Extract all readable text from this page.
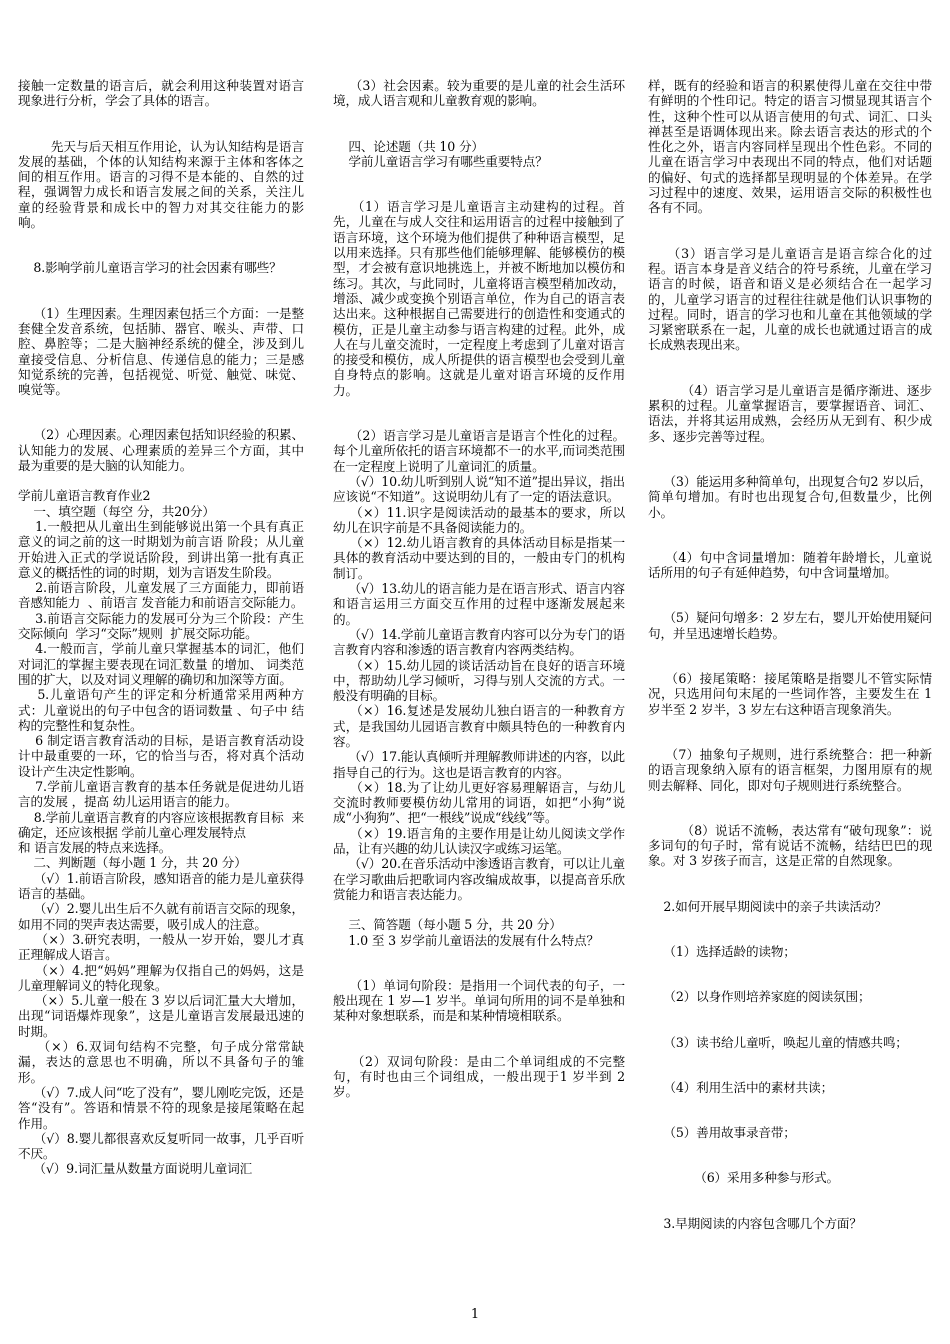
接触一定数量的语言后，就会利用这种装置对语言现象进行分析，学会了具体的语言。

先天与后天相互作用论，认为认知结构是语言发展的基础，个体的认知结构来源于主体和客体之间的相互作用。语言的习得不是本能的、自然的过程，强调智力成长和语言发展之间的关系，关注儿童的经验背景和成长中的智力对其交往能力的影响。

8.影响学前儿童语言学习的社会因素有哪些？

（1）生理因素。生理因素包括三个方面：一是整套健全发音系统，包括肺、器官、喉头、声带、口腔、鼻腔等；二是大脑神经系统的健全，涉及到儿童接受信息、分析信息、传递信息的能力；三是感知觉系统的完善，包括视觉、听觉、触觉、味觉、嗅觉等。

（2）心理因素。心理因素包括知识经验的积累、认知能力的发展、心理素质的差异三个方面，其中最为重要的是大脑的认知能力。

学前儿童语言教育作业2

一、填空题（每空 分，共20分）

1.一般把从儿童出生到能够说出第一个具有真正意义的词之前的这一时期划为前言语 阶段；从儿童开始进入正式的学说话阶段，到讲出第一批有真正意义的概括性的词的时期，划为言语发生阶段。

2.前语言阶段，儿童发展了三方面能力，即前语音感知能力  、前语言 发音能力和前语言交际能力。

3.前语言交际能力的发展可分为三个阶段：产生交际倾向  学习“交际”规则  扩展交际功能。

4.一般而言，学前儿童只掌握基本的词汇，他们对词汇的掌握主要表现在词汇数量 的增加、 词类范围的扩大，以及对词义理解的确切和加深等方面。

5.儿童语句产生的评定和分析通常采用两种方式：儿童说出的句子中包含的语词数量 、句子中 结构的完整性和复杂性。

6 制定语言教育活动的目标，是语言教育活动设计中最重要的一环，它的恰当与否，将对真个活动设计产生决定性影响。

7.学前儿童语言教育的基本任务就是促进幼儿语言的发展 ，提高 幼儿运用语言的能力。

8.学前儿童语言教育的内容应该根据教育目标  来确定，还应该根据 学前儿童心理发展特点

和 语言发展的特点来选择。

二、判断题（每小题 1 分，共 20 分）

（√）1.前语言阶段，感知语音的能力是儿童获得语言的基础。

（√）2.婴儿出生后不久就有前语言交际的现象，如用不同的哭声表达需要，吸引成人的注意。

（×）3.研究表明，一般从一岁开始，婴儿才真正理解成人语言。

（×）4.把“妈妈”理解为仅指自己的妈妈，这是儿童理解词义的特化现象。

（×）5.儿童一般在 3 岁以后词汇量大大增加，出现“词语爆炸现象”，这是儿童语言发展最迅速的时期。

（×）6.双词句结构不完整，句子成分常常缺漏，表达的意思也不明确，所以不具备句子的雏形。

（√）7.成人问“吃了没有”，婴儿刚吃完饭，还是答“没有”。答语和情景不符的现象是接尾策略在起作用。

（√）8.婴儿都很喜欢反复听同一故事，几乎百听不厌。

（√）9.词汇量从数量方面说明儿童词汇

（3）社会因素。较为重要的是儿童的社会生活环境，成人语言观和儿童教育观的影响。

四、论述题（共 10 分）

学前儿童语言学习有哪些重要特点？

（1）语言学习是儿童语言主动建构的过程。首先，儿童在与成人交往和运用语言的过程中接触到了语言环境，这个环境为他们提供了种种语言模型，足以用来选择。只有那些他们能够理解、能够模仿的模型，才会被有意识地挑选上，并被不断地加以模仿和练习。其次，与此同时，儿童将语言模型稍加改动，增添、减少或变换个别语言单位，作为自己的语言表达出来。这种根据自己需要进行的创造性和变通式的模仿，正是儿童主动参与语言构建的过程。此外，成人在与儿童交流时，一定程度上考虑到了儿童对语言的接受和模仿，成人所提供的语言模型也会受到儿童自身特点的影响。这就是儿童对语言环境的反作用力。

（2）语言学习是儿童语言是语言个性化的过程。每个儿童所依托的语言环境都不一的水平,而词类范围在一定程度上说明了儿童词汇的质量。

（√）10.幼儿听到别人说“知不道”提出异议，指出应该说“不知道”。这说明幼儿有了一定的语法意识。

（×）11.识字是阅读活动的最基本的要求，所以幼儿在识字前是不具备阅读能力的。

（×）12.幼儿语言教育的具体活动目标是指某一具体的教育活动中要达到的目的，一般由专门的机构制订。

（√）13.幼儿的语言能力是在语言形式、语言内容和语言运用三方面交互作用的过程中逐渐发展起来的。

（√）14.学前儿童语言教育内容可以分为专门的语言教育内容和渗透的语言教育内容两类结构。

（×）15.幼儿园的谈话活动旨在良好的语言环境中，帮助幼儿学习倾听，习得与别人交流的方式。一般没有明确的目标。

（×）16.复述是发展幼儿独白语言的一种教育方式，是我国幼儿园语言教育中颇具特色的一种教育内容。

（√）17.能认真倾听并理解教师讲述的内容，以此指导自己的行为。这也是语言教育的内容。

（×）18.为了让幼儿更好容易理解语言，与幼儿交流时教师要模仿幼儿常用的词语，如把“小狗”说成“小狗狗”、把“一根线”说成“线线”等。

（×）19.语言角的主要作用是让幼儿阅读文学作品，让有兴趣的幼儿认读汉字或练习运笔。

（√）20.在音乐活动中渗透语言教育，可以让儿童在学习歌曲后把歌词内容改编成故事，以提高音乐欣赏能力和语言表达能力。

三、简答题（每小题 5 分，共 20 分）

1.0 至 3 岁学前儿童语法的发展有什么特点？

（1）单词句阶段：是指用一个词代表的句子，一般出现在 1 岁—1 岁半。单词句所用的词不是单独和某种对象想联系，而是和某种情境相联系。

（2）双词句阶段：是由二个单词组成的不完整句，有时也由三个词组成，一般出现于1 岁半到 2 岁。

样，既有的经验和语言的积累使得儿童在交往中带有鲜明的个性印记。特定的语言习惯显现其语言个性，这种个性可以从语言使用的句式、词汇、口头禅甚至是语调体现出来。除去语言表达的形式的个性化之外，语言内容同样呈现出个性色彩。不同的儿童在语言学习中表现出不同的特点，他们对话题的偏好、句式的选择都呈现明显的个体差异。在学习过程中的速度、效果，运用语言交际的积极性也各有不同。

（3）语言学习是儿童语言是语言综合化的过程。语言本身是音义结合的符号系统，儿童在学习语言的时候，语音和语义是必须结合在一起学习的，儿童学习语言的过程往往就是他们认识事物的过程。同时，语言的学习也和儿童在其他领域的学习紧密联系在一起，儿童的成长也就通过语言的成长成熟表现出来。

（4）语言学习是儿童语言是循序渐进、逐步累积的过程。儿童掌握语言，要掌握语音、词汇、语法，并将其运用成熟，会经历从无到有、积少成多、逐步完善等过程。

（3）能运用多种简单句，出现复合句2 岁以后，简单句增加。有时也出现复合句,但数量少，比例小。

（4）句中含词量增加：随着年龄增长，儿童说话所用的句子有延伸趋势，句中含词量增加。

（5）疑问句增多：2 岁左右，婴儿开始使用疑问句，并呈迅速增长趋势。

（6）接尾策略：接尾策略是指婴儿不管实际情况，只选用问句末尾的一些词作答，主要发生在 1 岁半至 2 岁半，3 岁左右这种语言现象消失。

（7）抽象句子规则，进行系统整合：把一种新的语言现象纳入原有的语言框架，力图用原有的规则去解释、同化，即对句子规则进行系统整合。

（8）说话不流畅，表达常有“破句现象”：说多词句的句子时，常有说话不流畅，结结巴巴的现象。对 3 岁孩子而言，这是正常的自然现象。

2.如何开展早期阅读中的亲子共读活动？

（1）选择适龄的读物；

（2）以身作则培养家庭的阅读氛围；

（3）读书给儿童听，唤起儿童的情感共鸣；

（4）利用生活中的素材共读；

（5）善用故事录音带；

（6）采用多种参与形式。

3.早期阅读的内容包含哪几个方面？

1
